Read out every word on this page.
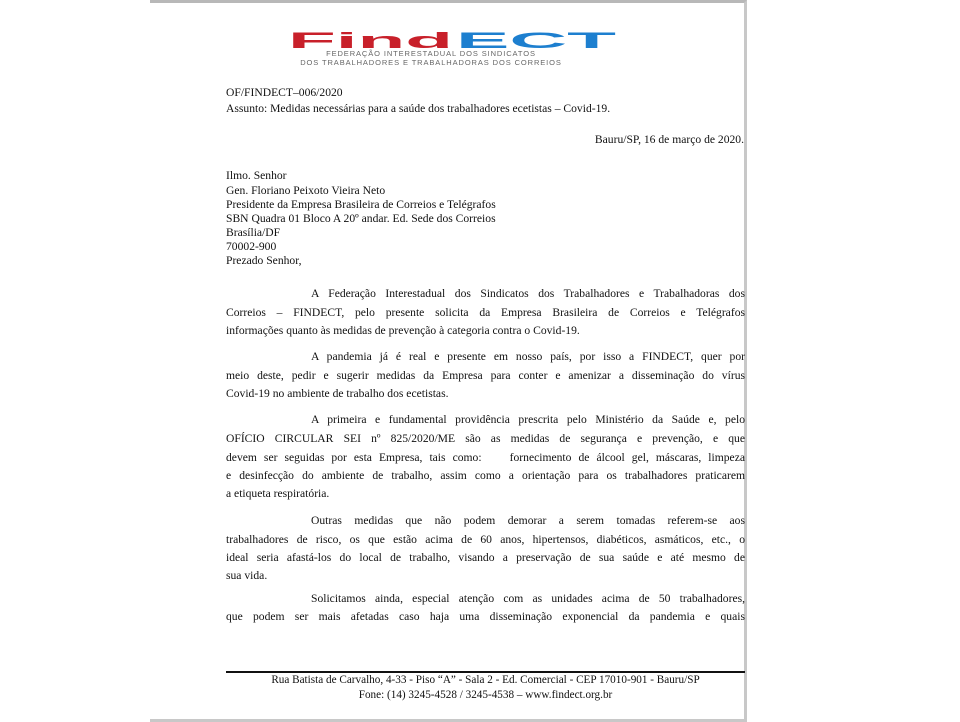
Find ECT
FEDERAÇÃO INTERESTADUAL DOS SINDICATOS
DOS TRABALHADORES E TRABALHADORAS DOS CORREIOS
OF/FINDECT–006/2020
Assunto: Medidas necessárias para a saúde dos trabalhadores ecetistas – Covid-19.
Bauru/SP, 16 de março de 2020.
Ilmo. Senhor
Gen. Floriano Peixoto Vieira Neto
Presidente da Empresa Brasileira de Correios e Telégrafos
SBN Quadra 01 Bloco A 20º andar. Ed. Sede dos Correios
Brasília/DF
70002-900
Prezado Senhor,
A Federação Interestadual dos Sindicatos dos Trabalhadores e Trabalhadoras dos
Correios – FINDECT, pelo presente solicita da Empresa Brasileira de Correios e Telégrafos
informações quanto às medidas de prevenção à categoria contra o Covid-19.
A pandemia já é real e presente em nosso país, por isso a FINDECT, quer por
meio deste, pedir e sugerir medidas da Empresa para conter e amenizar a disseminação do vírus
Covid-19 no ambiente de trabalho dos ecetistas.
A primeira e fundamental providência prescrita pelo Ministério da Saúde e, pelo
OFÍCIO CIRCULAR SEI nº 825/2020/ME são as medidas de segurança e prevenção, e que
devem ser seguidas por esta Empresa, tais como:    fornecimento de álcool gel, máscaras, limpeza
e desinfecção do ambiente de trabalho, assim como a orientação para os trabalhadores praticarem
a etiqueta respiratória.
Outras medidas que não podem demorar a serem tomadas referem-se aos
trabalhadores de risco, os que estão acima de 60 anos, hipertensos, diabéticos, asmáticos, etc., o
ideal seria afastá-los do local de trabalho, visando a preservação de sua saúde e até mesmo de
sua vida.
Solicitamos ainda, especial atenção com as unidades acima de 50 trabalhadores,
que podem ser mais afetadas caso haja uma disseminação exponencial da pandemia e quais
Rua Batista de Carvalho, 4-33 - Piso “A” - Sala 2 - Ed. Comercial - CEP 17010-901 - Bauru/SP
Fone: (14) 3245-4528 / 3245-4538 – www.findect.org.br
